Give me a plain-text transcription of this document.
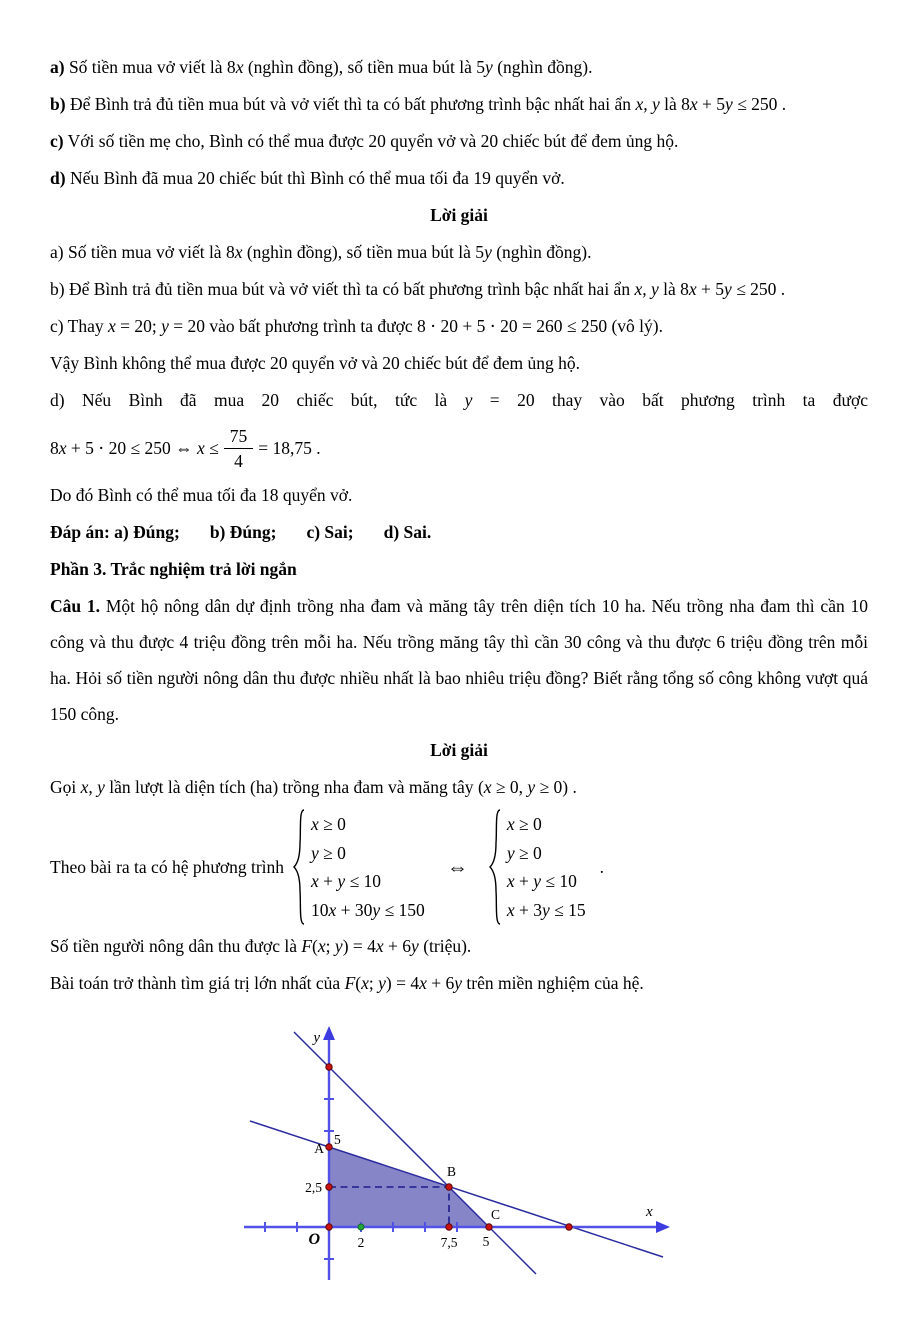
a) Số tiền mua vở viết là 8x (nghìn đồng), số tiền mua bút là 5y (nghìn đồng).

b) Để Bình trả đủ tiền mua bút và vở viết thì ta có bất phương trình bậc nhất hai ẩn x, y là 8x + 5y ≤ 250 .

c) Với số tiền mẹ cho, Bình có thể mua được 20 quyển vở và 20 chiếc bút để đem ủng hộ.

d) Nếu Bình đã mua 20 chiếc bút thì Bình có thể mua tối đa 19 quyển vở.

Lời giải

a) Số tiền mua vở viết là 8x (nghìn đồng), số tiền mua bút là 5y (nghìn đồng).

b) Để Bình trả đủ tiền mua bút và vở viết thì ta có bất phương trình bậc nhất hai ẩn x, y là 8x + 5y ≤ 250 .

c) Thay x = 20; y = 20 vào bất phương trình ta được 8 ⋅ 20 + 5 ⋅ 20 = 260 ≤ 250 (vô lý).

Vậy Bình không thể mua được 20 quyển vở và 20 chiếc bút để đem ủng hộ.

d) Nếu Bình đã mua 20 chiếc bút, tức là y = 20 thay vào bất phương trình ta được

8x + 5 ⋅ 20 ≤ 250 ⇔ $x \le \frac{75}{4} = 18,75$ .

Do đó Bình có thể mua tối đa 18 quyển vở.

Đáp án: a) Đúng; b) Đúng; c) Sai; d) Sai.

Phần 3. Trắc nghiệm trả lời ngắn

Câu 1. Một hộ nông dân dự định trồng nha đam và măng tây trên diện tích 10 ha. Nếu trồng nha đam thì cần 10 công và thu được 4 triệu đồng trên mỗi ha. Nếu trồng măng tây thì cần 30 công và thu được 6 triệu đồng trên mỗi ha. Hỏi số tiền người nông dân thu được nhiều nhất là bao nhiêu triệu đồng? Biết rằng tổng số công không vượt quá 150 công.

Lời giải

Gọi x, y lần lượt là diện tích (ha) trồng nha đam và măng tây (x ≥ 0, y ≥ 0) .

Theo bài ra ta có hệ phương trình
x ≥ 0
y ≥ 0
x + y ≤ 10
10x + 30y ≤ 150
⇔
x ≥ 0
y ≥ 0
x + y ≤ 10
x + 3y ≤ 15
.

Số tiền người nông dân thu được là F(x; y) = 4x + 6y (triệu).

Bài toán trở thành tìm giá trị lớn nhất của F(x; y) = 4x + 6y trên miền nghiệm của hệ.

y
x
O
A
5
B
2,5
2	7,5 5
C
